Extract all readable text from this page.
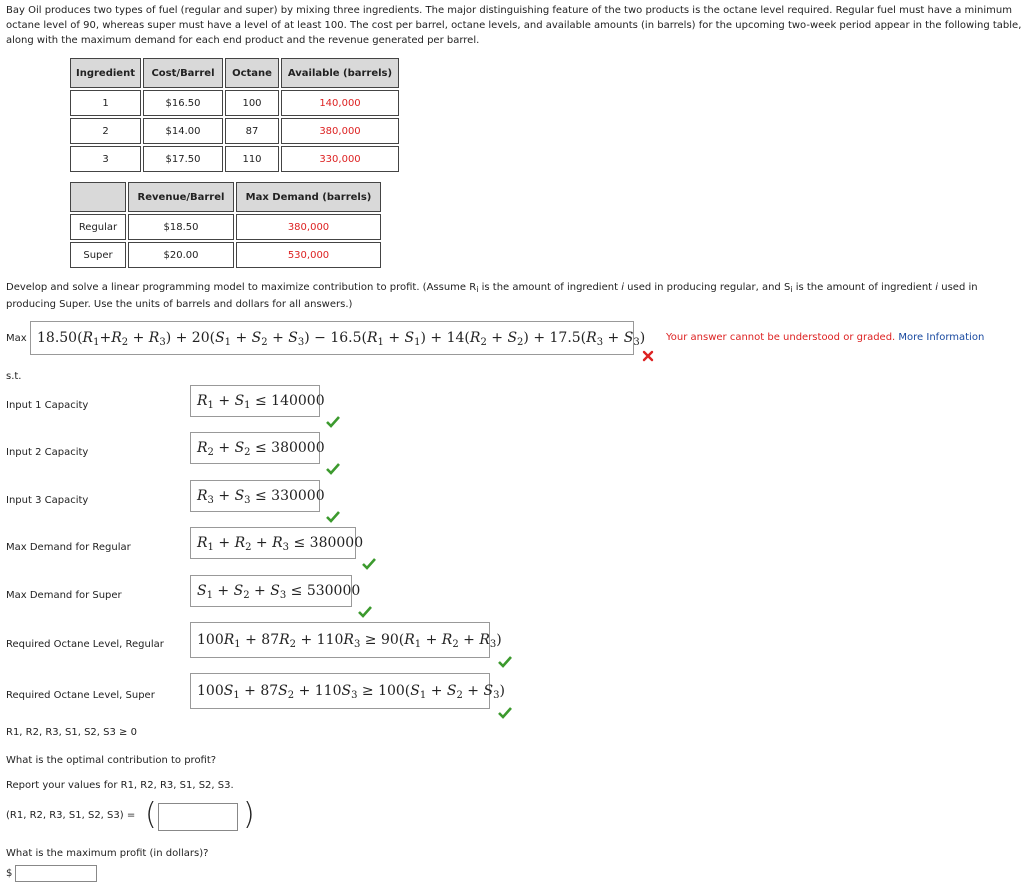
Bay Oil produces two types of fuel (regular and super) by mixing three ingredients. The major distinguishing feature of the two products is the octane level required. Regular fuel must have a minimum octane level of 90, whereas super must have a level of at least 100. The cost per barrel, octane levels, and available amounts (in barrels) for the upcoming two-week period appear in the following table, along with the maximum demand for each end product and the revenue generated per barrel.
Ingredient	Cost/Barrel	Octane	Available (barrels)
1	$16.50	100	140,000
2	$14.00	87	380,000
3	$17.50	110	330,000
	Revenue/Barrel	Max Demand (barrels)
Regular	$18.50	380,000
Super	$20.00	530,000
Develop and solve a linear programming model to maximize contribution to profit. (Assume $R_i$ is the amount of ingredient i used in producing regular, and $S_i$ is the amount of ingredient i used in producing Super. Use the units of barrels and dollars for all answers.)
Max $18.50(R_1+R_2 + R_3) + 20(S_1 + S_2 + S_3) - 16.5(R_1 + S_1) + 14(R_2 + S_2) + 17.5(R_3 + S_3)$ Your answer cannot be understood or graded. More Information
s.t.
Input 1 Capacity	$R_1 + S_1 \le 140000$
Input 2 Capacity	$R_2 + S_2 \le 380000$
Input 3 Capacity	$R_3 + S_3 \le 330000$
Max Demand for Regular	$R_1 + R_2 + R_3 \le 380000$
Max Demand for Super	$S_1 + S_2 + S_3 \le 530000$
Required Octane Level, Regular $100R_1 + 87R_2 + 110R_3 \ge 90(R_1 + R_2 + R_3)$
Required Octane Level, Super	$100S_1 + 87S_2 + 110S_3 \ge 100(S_1 + S_2 + S_3)$
R1, R2, R3, S1, S2, S3 ≥ 0
What is the optimal contribution to profit?
Report your values for R1, R2, R3, S1, S2, S3.
(R1, R2, R3, S1, S2, S3) = (	)
What is the maximum profit (in dollars)?
$
